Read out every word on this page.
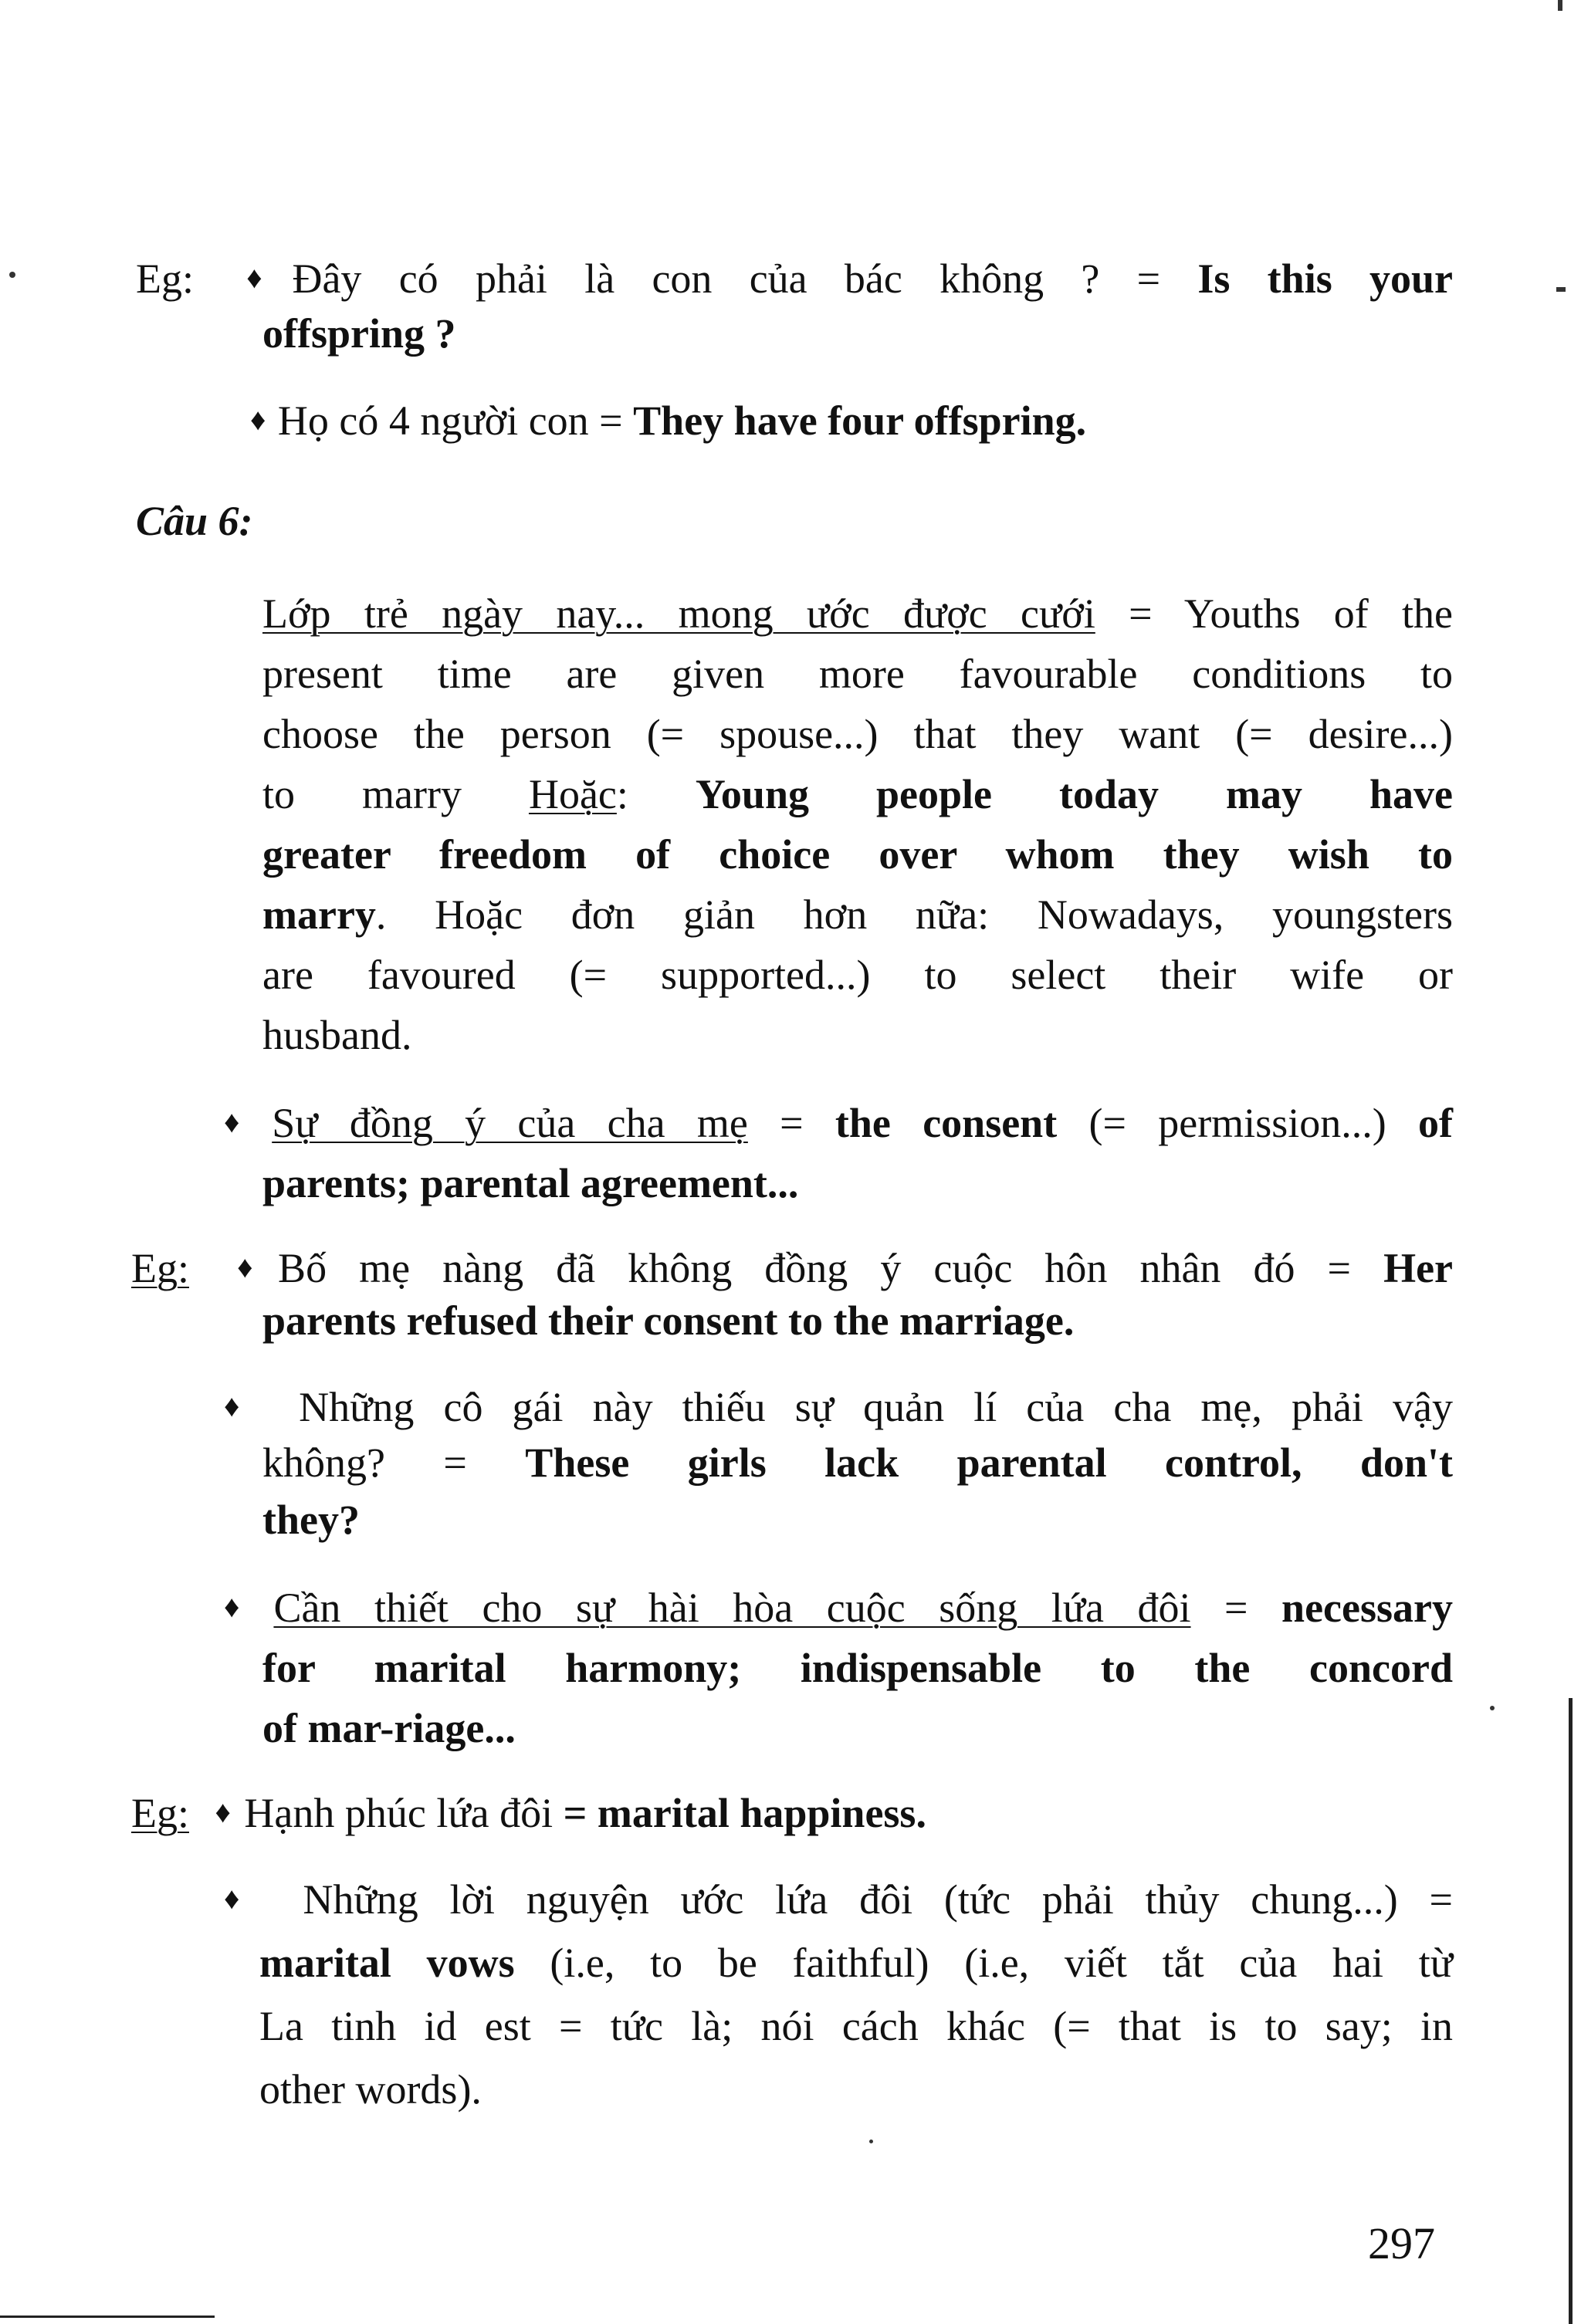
Eg: ♦Đây có phải là con của bác không ? = Is this your
offspring ?
♦ Họ có 4 người con = They have four offspring.
Câu 6:
Lớp trẻ ngày nay... mong ước được cưới = Youths of the
present time are given more favourable conditions to
choose the person (= spouse...) that they want (= desire...)
to marry Hoặc: Young people today may have
greater freedom of choice over whom they wish to
marry. Hoặc đơn giản hơn nữa: Nowadays, youngsters
are favoured (= supported...) to select their wife or
husband.
♦ Sự đồng ý của cha mẹ = the consent (= permission...) of
parents; parental agreement...
Eg: ♦Bố mẹ nàng đã không đồng ý cuộc hôn nhân đó = Her
parents refused their consent to the marriage.
♦ Những cô gái này thiếu sự quản lí của cha mẹ, phải vậy
không? = These girls lack parental control, don't
they?
♦ Cần thiết cho sự hài hòa cuộc sống lứa đôi = necessary
for marital harmony; indispensable to the concord
of mar-riage...
Eg: ♦ Hạnh phúc lứa đôi = marital happiness.
♦ Những lời nguyện ước lứa đôi (tức phải thủy chung...) =
marital vows (i.e, to be faithful) (i.e, viết tắt của hai từ
La tinh id est = tức là; nói cách khác (= that is to say; in
other words).
297
